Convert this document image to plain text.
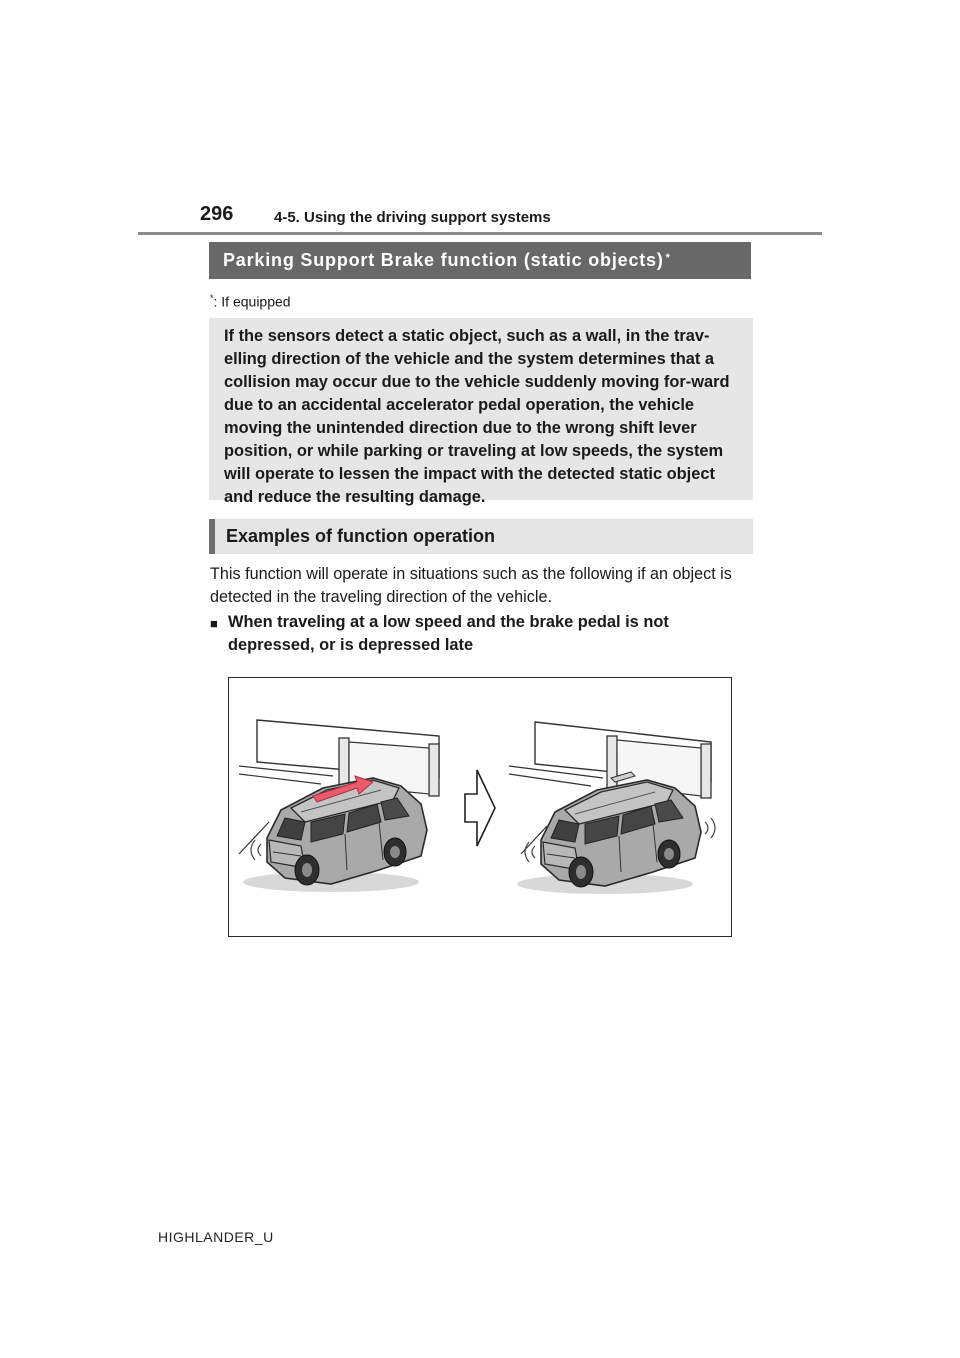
296	4-5. Using the driving support systems
Parking Support Brake function (static objects)*
*: If equipped
If the sensors detect a static object, such as a wall, in the trav-elling direction of the vehicle and the system determines that a collision may occur due to the vehicle suddenly moving for-ward due to an accidental accelerator pedal operation, the vehicle moving the unintended direction due to the wrong shift lever position, or while parking or traveling at low speeds, the system will operate to lessen the impact with the detected static object and reduce the resulting damage.
Examples of function operation
This function will operate in situations such as the following if an object is detected in the traveling direction of the vehicle.
■ When traveling at a low speed and the brake pedal is not depressed, or is depressed late
HIGHLANDER_U
